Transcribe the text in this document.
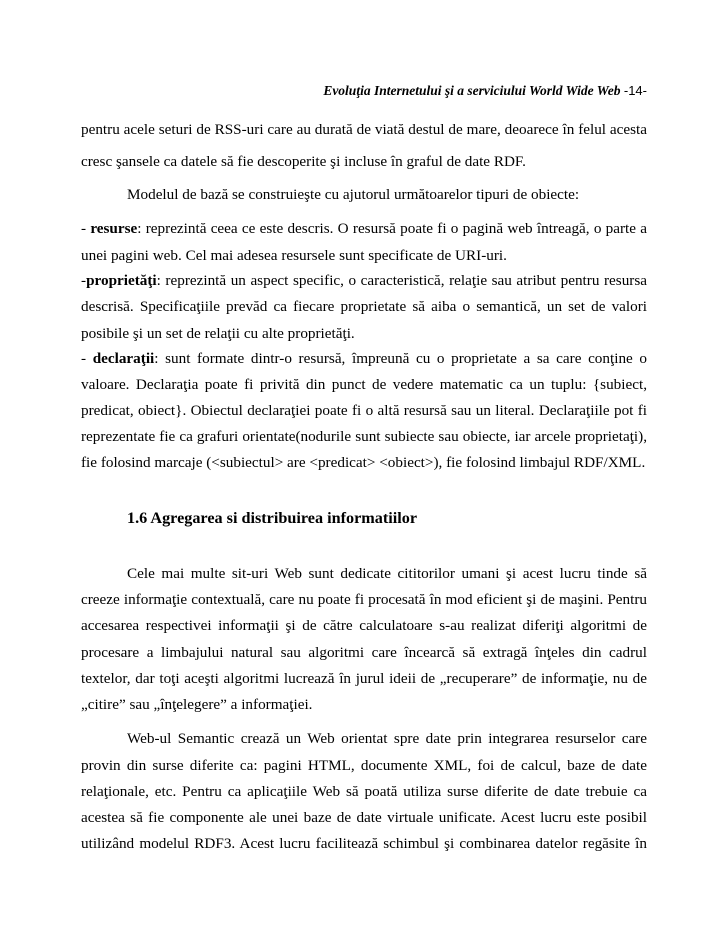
Evoluţia Internetului şi a serviciului World Wide Web -14-
pentru acele seturi de RSS-uri care au durată de viată destul de mare, deoarece în felul acesta
cresc şansele ca datele să fie descoperite şi incluse în graful de date RDF.
Modelul de bază se construieşte cu ajutorul următoarelor tipuri de obiecte:
- resurse: reprezintă ceea ce este descris. O resursă poate fi o pagină web întreagă, o parte a
unei pagini web. Cel mai adesea resursele sunt specificate de URI-uri.
-proprietăţi: reprezintă un aspect specific, o caracteristică, relaţie sau atribut pentru resursa
descrisă. Specificaţiile prevăd ca fiecare proprietate să aiba o semantică, un set de valori
posibile şi un set de relaţii cu alte proprietăţi.
- declaraţii: sunt formate dintr-o resursă, împreună cu o proprietate a sa care conţine o
valoare. Declaraţia poate fi privită din punct de vedere matematic ca un tuplu: {subiect,
predicat, obiect}. Obiectul declaraţiei poate fi o altă resursă sau un literal. Declaraţiile pot fi
reprezentate fie ca grafuri orientate(nodurile sunt subiecte sau obiecte, iar arcele proprietaţi),
fie folosind marcaje (<subiectul> are <predicat> <obiect>), fie folosind limbajul RDF/XML.
1.6 Agregarea si distribuirea informatiilor
Cele mai multe sit-uri Web sunt dedicate cititorilor umani şi acest lucru tinde să
creeze informaţie contextuală, care nu poate fi procesată în mod eficient şi de maşini. Pentru
accesarea respectivei informaţii şi de către calculatoare s-au realizat diferiţi algoritmi de
procesare a limbajului natural sau algoritmi care încearcă să extragă înţeles din cadrul
textelor, dar toţi aceşti algoritmi lucrează în jurul ideii de „recuperare” de informaţie, nu de
„citire” sau „înţelegere” a informaţiei.
Web-ul Semantic crează un Web orientat spre date prin integrarea resurselor care
provin din surse diferite ca: pagini HTML, documente XML, foi de calcul, baze de date
relaţionale, etc. Pentru ca aplicaţiile Web să poată utiliza surse diferite de date trebuie ca
acestea să fie componente ale unei baze de date virtuale unificate. Acest lucru este posibil
utilizând modelul RDF3. Acest lucru facilitează schimbul şi combinarea datelor regăsite în
